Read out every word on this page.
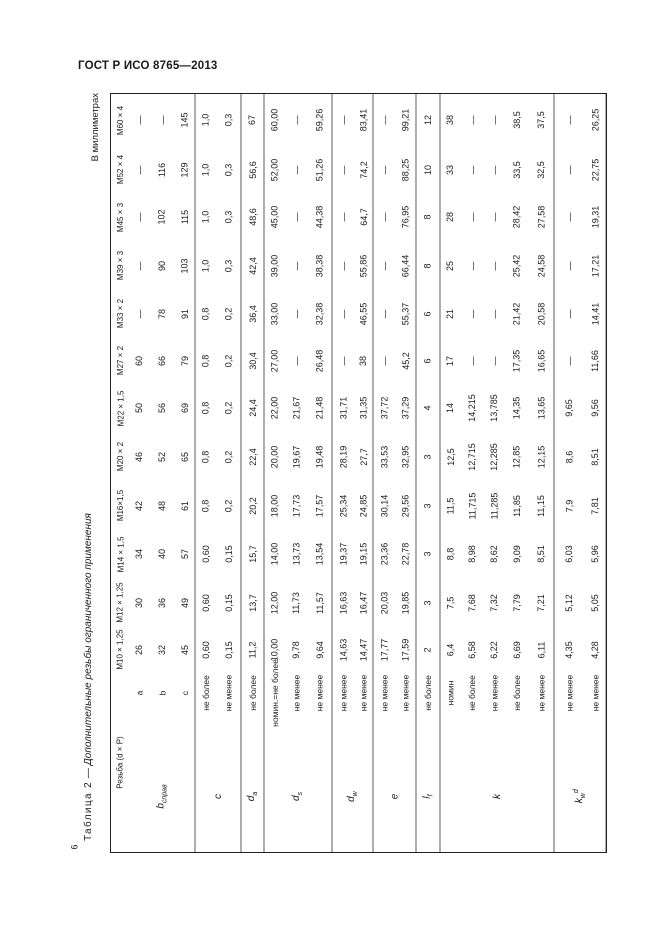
ГОСТ Р ИСО 8765—2013
6
Таблица 2 — Дополнительные резьбы ограниченного применения
В миллиметрах M60 × 4
M52 × 4
M45 × 3
M39 × 3
M33 × 2
M27 × 2
M22 × 1,5
M20 × 2
M16×1,5
M14 × 1,5
M12 × 1,25
M10 × 1,25
Резьба (d × P)
—
—
—
—
—
60
50
46
42
34
30
26
a
—
116
102
90
78
66
56
52
48
40
36
32
b
145
129
115
103
91
79
69
65
61
57
49
45
c
$b_{справ}$
1,0
1,0
1,0
1,0
0,8
0,8
0,8
0,8
0,8
0,60
0,60
0,60
не более
0,3
0,3
0,3
0,3
0,2
0,2
0,2
0,2
0,2
0,15
0,15
0,15
не менее
c
67
56,6
48,6
42,4
36,4
30,4
24,4
22,4
20,2
15,7
13,7
11,2
не более
$d_a$
60,00
52,00
45,00
39,00
33,00
27,00
22,00
20,00
18,00
14,00
12,00
10,00
номин.=не более
—
—
—
—
—
—
21,67
19,67
17,73
13,73
11,73
9,78
не менее
59,26
51,26
44,38
38,38
32,38
26,48
21,48
19,48
17,57
13,54
11,57
9,64
не менее
$d_s$
—
—
—
—
—
—
31,71
28,19
25,34
19,37
16,63
14,63
не менее
83,41
74,2
64,7
55,86
46,55
38
31,35
27,7
24,85
19,15
16,47
14,47
не менее
$d_w$
—
—
—
—
—
—
37,72
33,53
30,14
23,36
20,03
17,77
не менее
99,21
88,25
76,95
66,44
55,37
45,2
37,29
32,95
29,56
22,78
19,85
17,59
не менее
e
12
10
8
8
6
6
4
3
3
3
3
2
не более
$l_f$
38
33
28
25
21
17
14
12,5
11,5
8,8
7,5
6,4
номин
—
—
—
—
—
—
14,215
12,715
11,715
8,98
7,68
6,58
не более
—
—
—
—
—
—
13,785
12,285
11,285
8,62
7,32
6,22
не менее
38,5
33,5
28,42
25,42
21,42
17,35
14,35
12,85
11,85
9,09
7,79
6,69
не более
37,5
32,5
27,58
24,58
20,58
16,65
13,65
12,15
11,15
8,51
7,21
6,11
не менее
k
—
—
—
—
—
—
9,65
8,6
7,9
6,03
5,12
4,35
не менее
26,25
22,75
19,31
17,21
14,41
11,66
9,56
8,51
7,81
5,96
5,05
4,28
не менее
$k_w^d$
